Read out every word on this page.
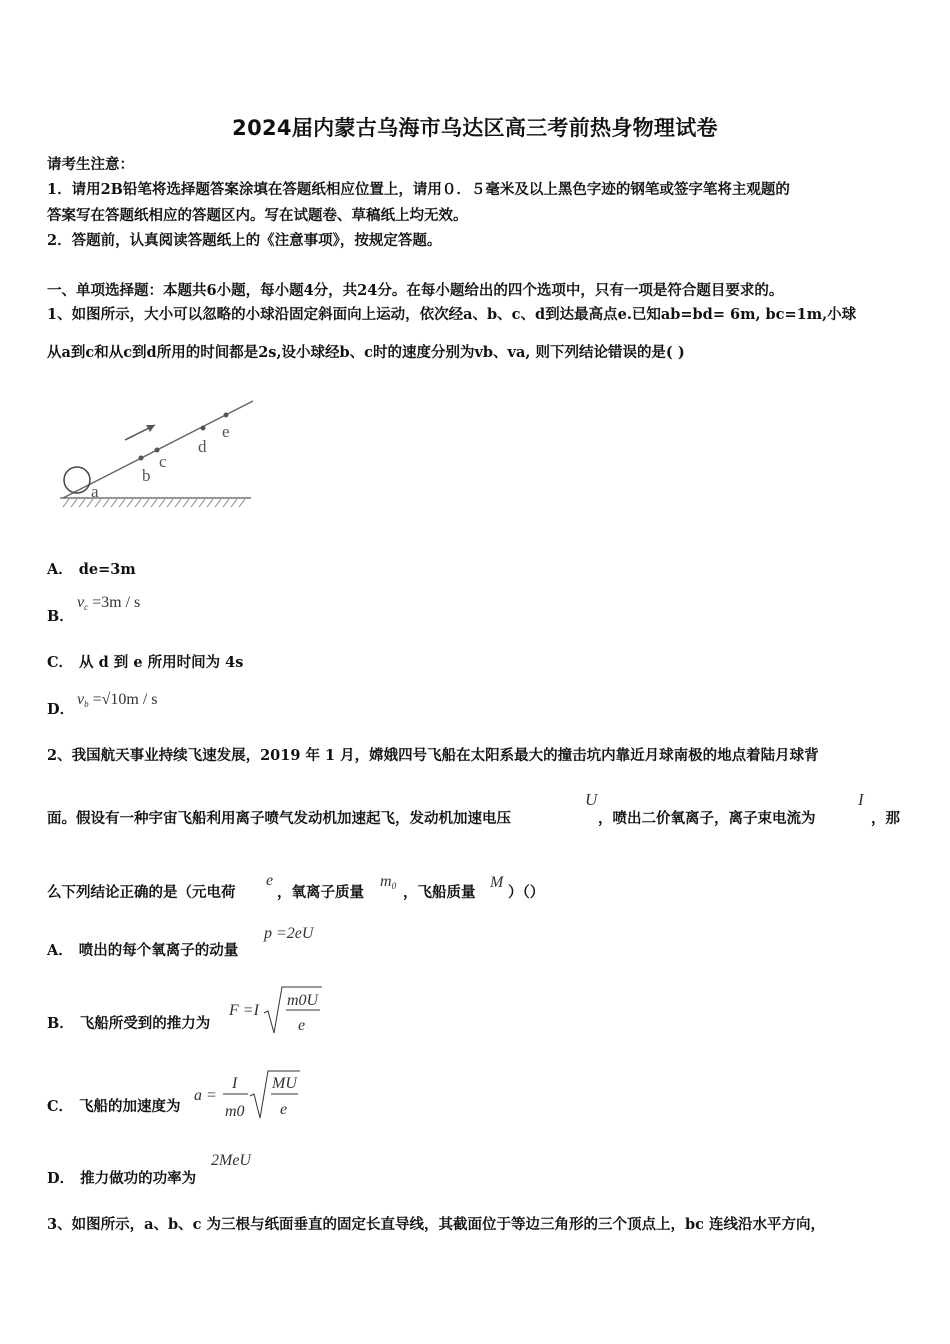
2024届内蒙古乌海市乌达区高三考前热身物理试卷
请考生注意：
1．请用2B铅笔将选择题答案涂填在答题纸相应位置上，请用０．５毫米及以上黑色字迹的钢笔或签字笔将主观题的
答案写在答题纸相应的答题区内。写在试题卷、草稿纸上均无效。
2．答题前，认真阅读答题纸上的《注意事项》，按规定答题。
一、单项选择题：本题共6小题，每小题4分，共24分。在每小题给出的四个选项中，只有一项是符合题目要求的。
1、如图所示，大小可以忽略的小球沿固定斜面向上运动，依次经a、b、c、d到达最高点e.已知ab=bd= 6m, bc=1m,小球
从a到c和从c到d所用的时间都是2s,设小球经b、c时的速度分别为vb、va, 则下列结论错误的是( )
a
b
c
d
e
A． de=3m
B．
$v_c =3m / s$
C． 从 d 到 e 所用时间为 4s
D．
$v_b =√10m / s$
2、我国航天事业持续飞速发展，2019 年 1 月，嫦娥四号飞船在太阳系最大的撞击坑内靠近月球南极的地点着陆月球背
面。假设有一种宇宙飞船利用离子喷气发动机加速起飞，发动机加速电压
U
，喷出二价氧离子，离子束电流为
I
，那
么下列结论正确的是（元电荷
e
，氧离子质量
$m_0$ ，飞船质量
M
）（）
A． 喷出的每个氧离子的动量
p =2eU
B． 飞船所受到的推力为
F =I
m0U
e
C． 飞船的加速度为
a =
I
m0
MU
e
D． 推力做功的功率为
2MeU
3、如图所示，a、b、c 为三根与纸面垂直的固定长直导线，其截面位于等边三角形的三个顶点上，bc 连线沿水平方向，
